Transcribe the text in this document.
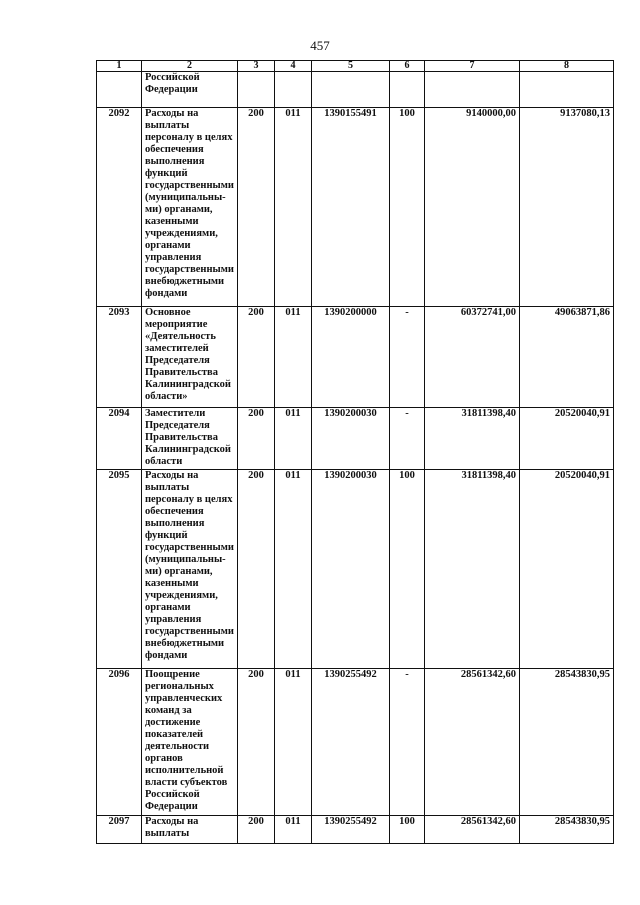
457
1	2	3	4	5	6	7	8
	Российской Федерации						
2092	Расходы на выплаты персоналу в целях обеспечения выполнения функций государственными (муниципальны-ми) органами, казенными учреждениями, органами управления государственными внебюджетными фондами	200	011	1390155491	100	9140000,00	9137080,13
2093	Основное мероприятие «Деятельность заместителей Председателя Правительства Калининградской области»	200	011	1390200000	-	60372741,00	49063871,86
2094	Заместители Председателя Правительства Калининградской области	200	011	1390200030	-	31811398,40	20520040,91
2095	Расходы на выплаты персоналу в целях обеспечения выполнения функций государственными (муниципальны-ми) органами, казенными учреждениями, органами управления государственными внебюджетными фондами	200	011	1390200030	100	31811398,40	20520040,91
2096	Поощрение региональных управленческих команд за достижение показателей деятельности органов исполнительной власти субъектов Российской Федерации	200	011	1390255492	-	28561342,60	28543830,95
2097	Расходы на выплаты	200	011	1390255492	100	28561342,60	28543830,95
